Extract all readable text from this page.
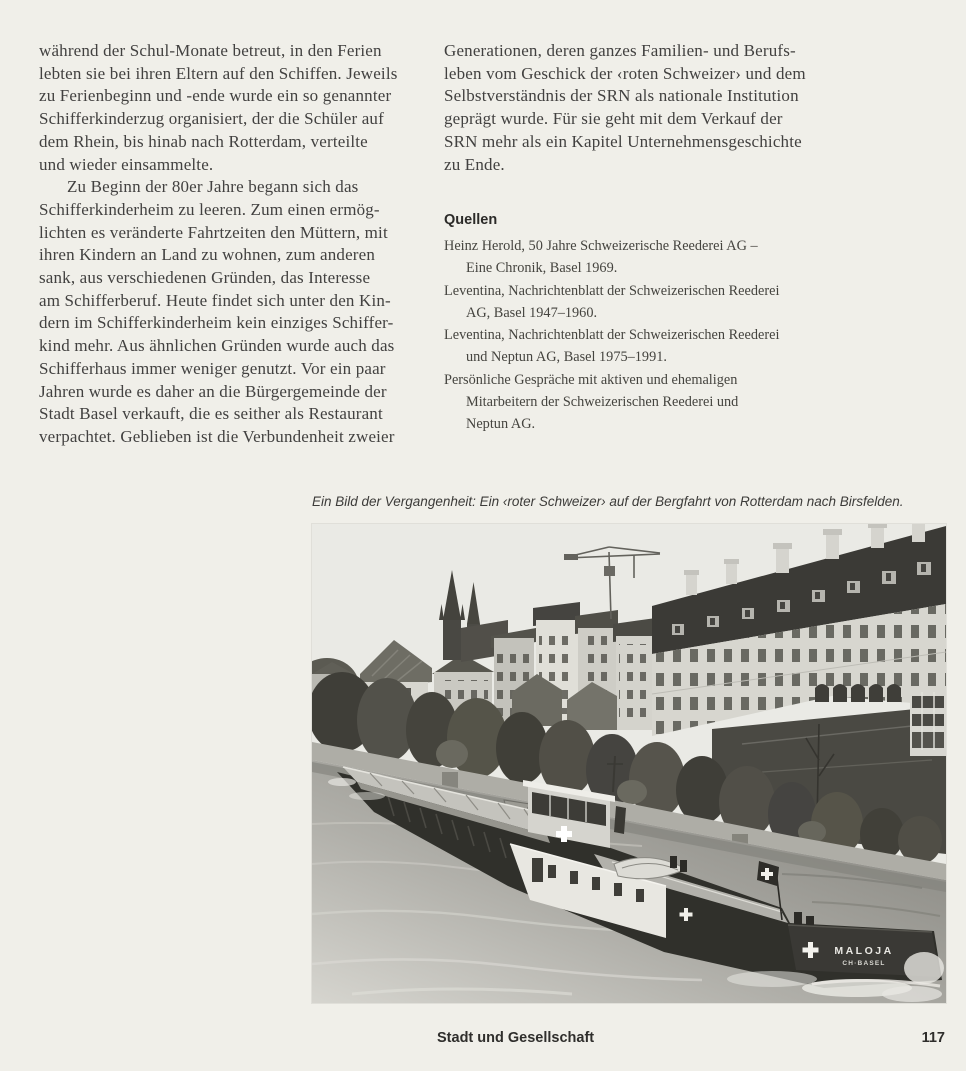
während der Schul-Monate betreut, in den Ferien
lebten sie bei ihren Eltern auf den Schiffen. Jeweils
zu Ferienbeginn und -ende wurde ein so genannter
Schifferkinderzug organisiert, der die Schüler auf
dem Rhein, bis hinab nach Rotterdam, verteilte
und wieder einsammelte.
Zu Beginn der 80er Jahre begann sich das
Schifferkinderheim zu leeren. Zum einen ermög-
lichten es veränderte Fahrtzeiten den Müttern, mit
ihren Kindern an Land zu wohnen, zum anderen
sank, aus verschiedenen Gründen, das Interesse
am Schifferberuf. Heute findet sich unter den Kin-
dern im Schifferkinderheim kein einziges Schiffer-
kind mehr. Aus ähnlichen Gründen wurde auch das
Schifferhaus immer weniger genutzt. Vor ein paar
Jahren wurde es daher an die Bürgergemeinde der
Stadt Basel verkauft, die es seither als Restaurant
verpachtet. Geblieben ist die Verbundenheit zweier
Generationen, deren ganzes Familien- und Berufs-
leben vom Geschick der ‹roten Schweizer› und dem
Selbstverständnis der SRN als nationale Institution
geprägt wurde. Für sie geht mit dem Verkauf der
SRN mehr als ein Kapitel Unternehmensgeschichte
zu Ende.
Quellen
Heinz Herold, 50 Jahre Schweizerische Reederei AG –
Eine Chronik, Basel 1969.
Leventina, Nachrichtenblatt der Schweizerischen Reederei
AG, Basel 1947–1960.
Leventina, Nachrichtenblatt der Schweizerischen Reederei
und Neptun AG, Basel 1975–1991.
Persönliche Gespräche mit aktiven und ehemaligen
Mitarbeitern der Schweizerischen Reederei und
Neptun AG.
Ein Bild der Vergangenheit: Ein ‹roter Schweizer› auf der Bergfahrt von Rotterdam nach Birsfelden.
MALOJA
CH·BASEL
Stadt und Gesellschaft	117
